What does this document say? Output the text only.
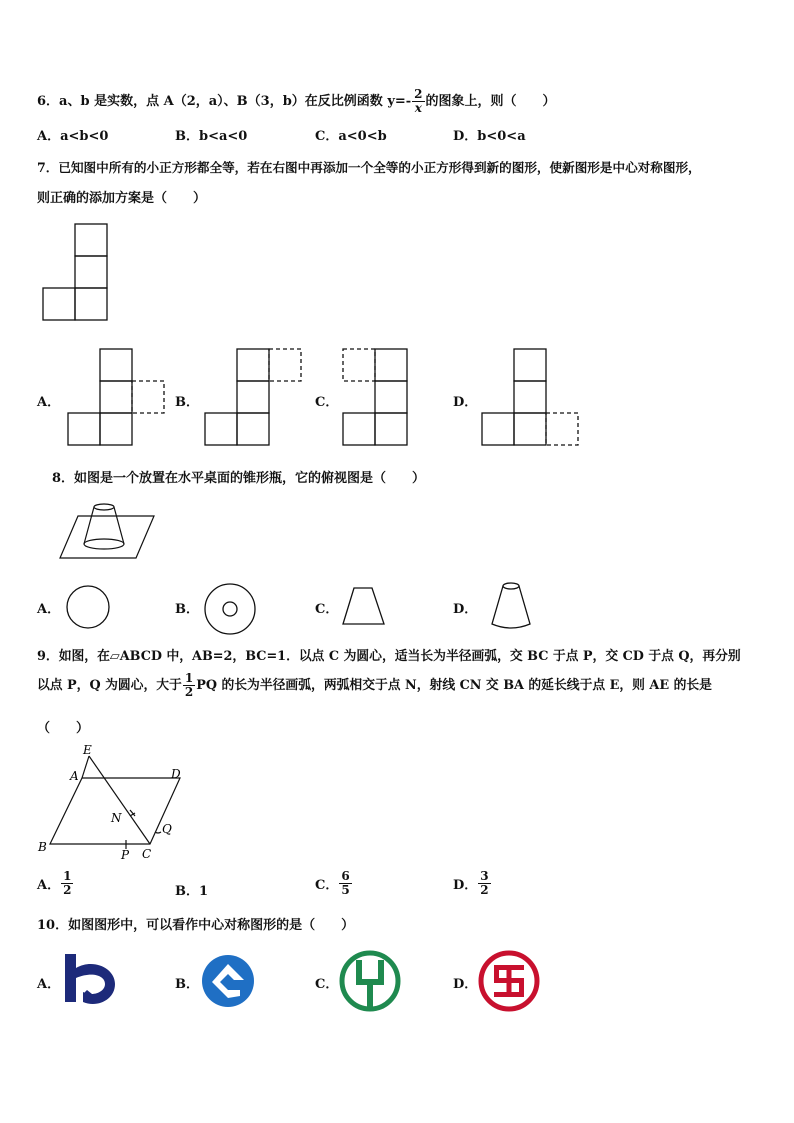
6．a、b 是实数，点 A（2，a）、B（3，b）在反比例函数 $y=- \frac{2}{x}$ 的图象上，则（　　）
A．a<b<0	B．b<a<0	C．a<0<b	D．b<0<a
7．已知图中所有的小正方形都全等，若在右图中再添加一个全等的小正方形得到新的图形，使新图形是中心对称图形，
则正确的添加方案是（　　）
A．	B．	C．	D．
8．如图是一个放置在水平桌面的锥形瓶，它的俯视图是（　　）
A．	B．	C．	D．
9．如图，在▱ABCD 中，AB=2，BC=1．以点 C 为圆心，适当长为半径画弧，交 BC 于点 P，交 CD 于点 Q，再分别
以点 P，Q 为圆心，大于 $\frac{1}{2}$ PQ 的长为半径画弧，两弧相交于点 N，射线 CN 交 BA 的延长线于点 E，则 AE 的长是
（　　）
E
A	D
N
Q
B
P C
A． $\frac{1}{2}$	B．1	C． $\frac{6}{5}$	D． $\frac{3}{2}$
10．如图图形中，可以看作中心对称图形的是（　　）
A．	B．	C．	D．
